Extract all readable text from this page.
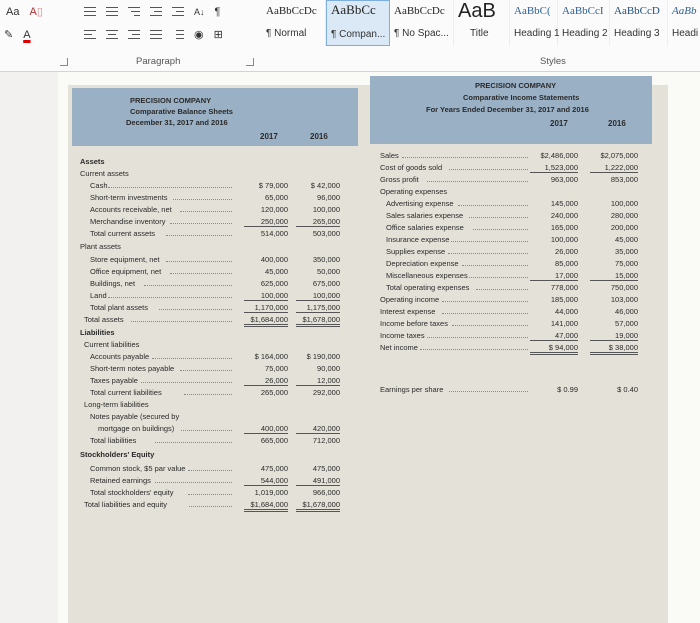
Aa A▯
✎ A
A↓ ¶
◉ ⊞
AaBbCcDc
¶ Normal
AaBbCc
¶ Compan...
AaBbCcDc
¶ No Spac...
AaB
Title
AaBbC(
Heading 1
AaBbCcI
Heading 2
AaBbCcD
Heading 3
AaBb
Headi
Paragraph	Styles
PRECISION COMPANY
Comparative Balance Sheets
December 31, 2017 and 2016
2017	2016
Assets
Current assets
Cash	$ 79,000	$ 42,000
Short-term investments	65,000	96,000
Accounts receivable, net	120,000	100,000
Merchandise inventory	250,000	265,000
Total current assets	514,000	503,000
Plant assets
Store equipment, net	400,000	350,000
Office equipment, net	45,000	50,000
Buildings, net	625,000	675,000
Land	100,000	100,000
Total plant assets	1,170,000	1,175,000
Total assets	$1,684,000	$1,678,000
Liabilities
Current liabilities
Accounts payable	$ 164,000	$ 190,000
Short-term notes payable	75,000	90,000
Taxes payable	26,000	12,000
Total current liabilities	265,000	292,000
Long-term liabilities
Notes payable (secured by
mortgage on buildings)	400,000	420,000
Total liabilities	665,000	712,000
Stockholders' Equity
Common stock, $5 par value	475,000	475,000
Retained earnings	544,000	491,000
Total stockholders' equity	1,019,000	966,000
Total liabilities and equity	$1,684,000	$1,678,000
PRECISION COMPANY
Comparative Income Statements
For Years Ended December 31, 2017 and 2016
2017	2016
Sales	$2,486,000	$2,075,000
Cost of goods sold	1,523,000	1,222,000
Gross profit	963,000	853,000
Operating expenses
Advertising expense	145,000	100,000
Sales salaries expense	240,000	280,000
Office salaries expense	165,000	200,000
Insurance expense	100,000	45,000
Supplies expense	26,000	35,000
Depreciation expense	85,000	75,000
Miscellaneous expenses	17,000	15,000
Total operating expenses	778,000	750,000
Operating income	185,000	103,000
Interest expense	44,000	46,000
Income before taxes	141,000	57,000
Income taxes	47,000	19,000
Net income	$ 94,000	$ 38,000
Earnings per share	$ 0.99	$ 0.40
